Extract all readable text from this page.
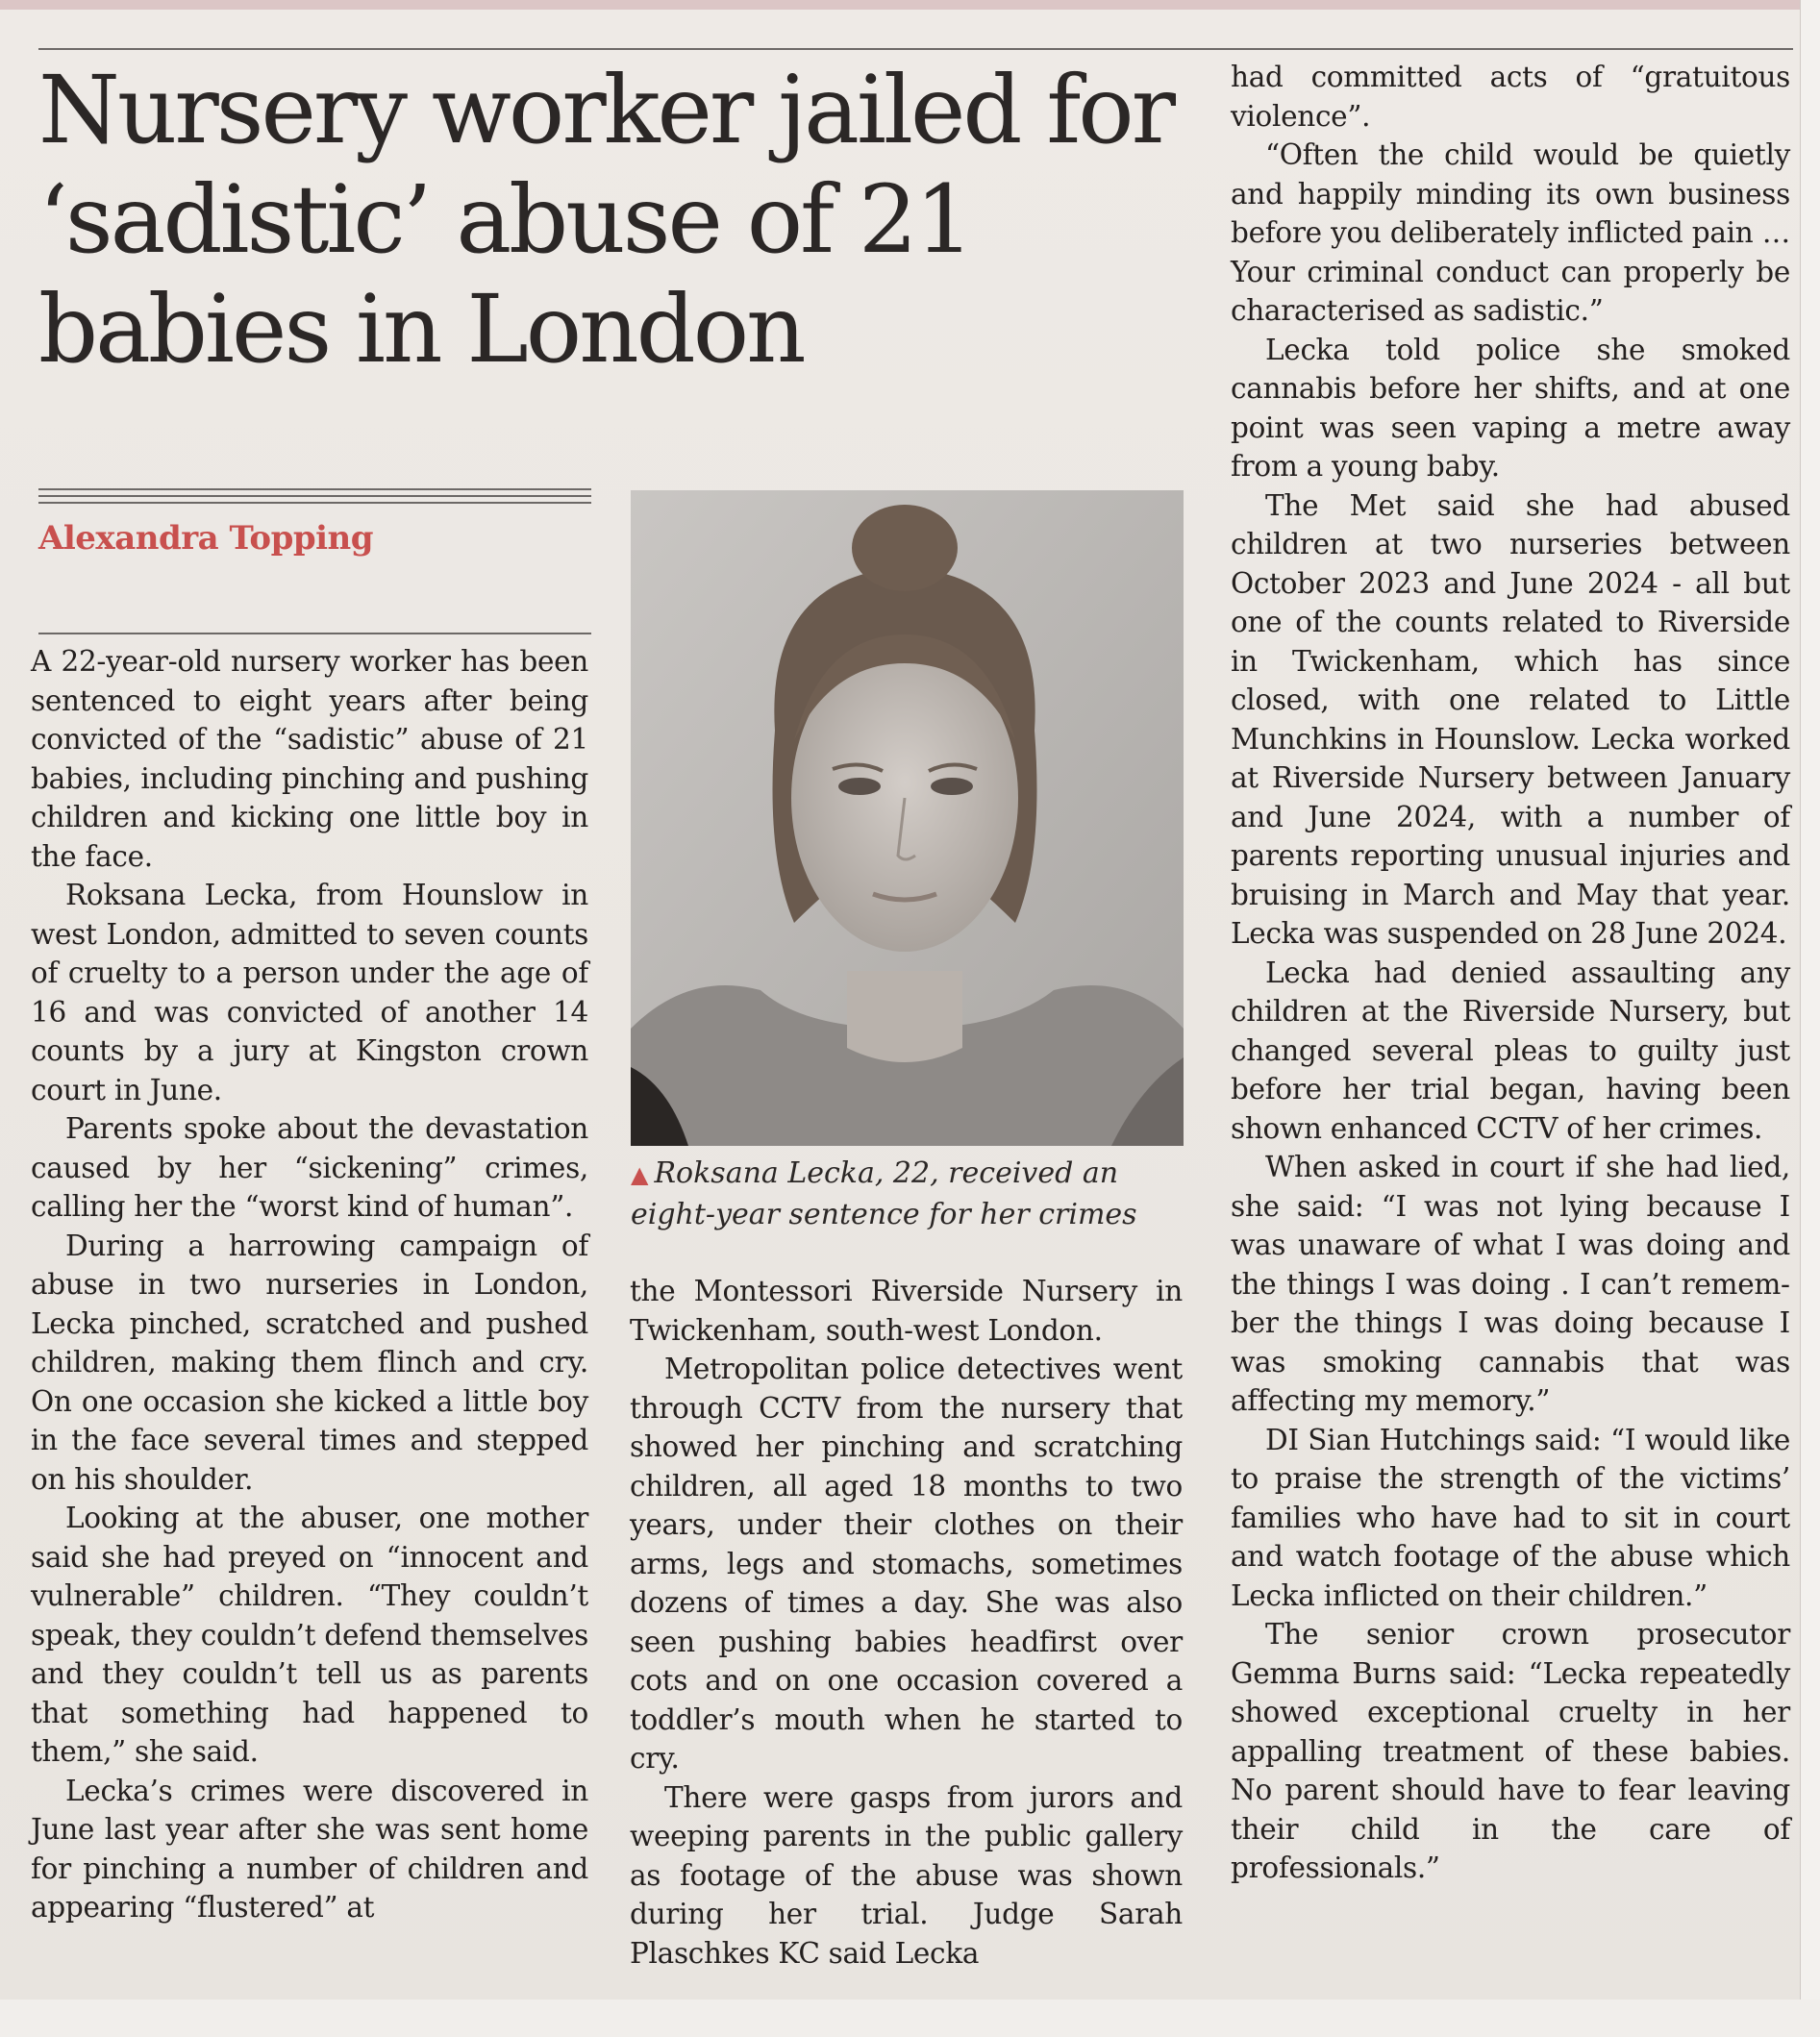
Nursery worker jailed for ‘sadistic’ abuse of 21 babies in London
Alexandra Topping

A 22-year-old nursery worker has been sentenced to eight years after being convicted of the “sadistic” abuse of 21 babies, including pinching and pushing children and kicking one little boy in the face.

Roksana Lecka, from Hounslow in west London, admitted to seven counts of cruelty to a person under the age of 16 and was convicted of another 14 counts by a jury at Kingston crown court in June.

Parents spoke about the devastation caused by her “sickening” crimes, calling her the “worst kind of human”.

During a harrowing campaign of abuse in two nurseries in London, Lecka pinched, scratched and pushed children, making them flinch and cry. On one occasion she kicked a little boy in the face several times and stepped on his shoulder.

Looking at the abuser, one mother said she had preyed on “innocent and vulnerable” children. “They couldn’t speak, they couldn’t defend themselves and they couldn’t tell us as parents that something had happened to them,” she said.

Lecka’s crimes were discovered in June last year after she was sent home for pinching a number of children and appearing “flustered” at

▲ Roksana Lecka, 22, received an eight-year sentence for her crimes

the Montessori Riverside Nursery in Twickenham, south-west London.

Metropolitan police detectives went through CCTV from the nursery that showed her pinching and scratching children, all aged 18 months to two years, under their clothes on their arms, legs and stomachs, sometimes dozens of times a day. She was also seen pushing babies headfirst over cots and on one occasion covered a toddler’s mouth when he started to cry.

There were gasps from jurors and weeping parents in the public gallery as footage of the abuse was shown during her trial. Judge Sarah Plaschkes KC said Lecka

had committed acts of “gratuitous violence”.

“Often the child would be quietly and happily minding its own business before you deliberately inflicted pain … Your criminal conduct can properly be characterised as sadistic.”

Lecka told police she smoked cannabis before her shifts, and at one point was seen vaping a metre away from a young baby.

The Met said she had abused children at two nurseries between October 2023 and June 2024 - all but one of the counts related to Riverside in Twickenham, which has since closed, with one related to Little Munchkins in Hounslow. Lecka worked at Riverside Nursery between January and June 2024, with a number of parents reporting unusual injuries and bruising in March and May that year. Lecka was suspended on 28 June 2024.

Lecka had denied assaulting any children at the Riverside Nursery, but changed several pleas to guilty just before her trial began, having been shown enhanced CCTV of her crimes.

When asked in court if she had lied, she said: “I was not lying because I was unaware of what I was doing and the things I was doing . I can’t remember the things I was doing because I was smoking cannabis that was affecting my memory.”

DI Sian Hutchings said: “I would like to praise the strength of the victims’ families who have had to sit in court and watch footage of the abuse which Lecka inflicted on their children.”

The senior crown prosecutor Gemma Burns said: “Lecka repeatedly showed exceptional cruelty in her appalling treatment of these babies. No parent should have to fear leaving their child in the care of professionals.”
